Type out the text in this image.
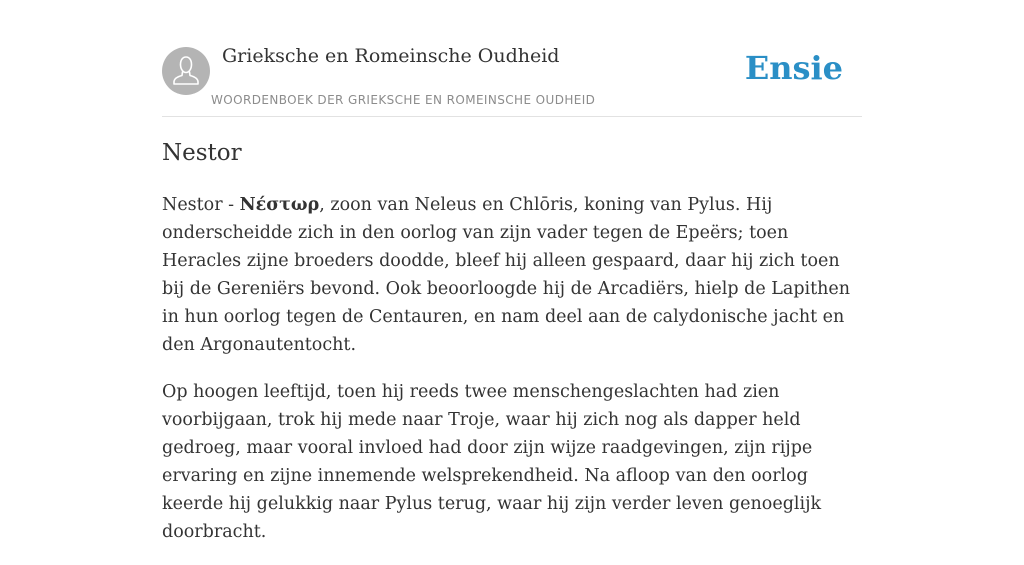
Grieksche en Romeinsche Oudheid
WOORDENBOEK DER GRIEKSCHE EN ROMEINSCHE OUDHEID
Ensie
Nestor

Nestor - Νέστωρ, zoon van Neleus en Chlōris, koning van Pylus. Hij onderscheidde zich in den oorlog van zijn vader tegen de Epeërs; toen Heracles zijne broeders doodde, bleef hij alleen gespaard, daar hij zich toen bij de Gereniërs bevond. Ook beoorloogde hij de Arcadiërs, hielp de Lapithen in hun oorlog tegen de Centauren, en nam deel aan de calydonische jacht en den Argonautentocht.

Op hoogen leeftijd, toen hij reeds twee menschengeslachten had zien voorbijgaan, trok hij mede naar Troje, waar hij zich nog als dapper held gedroeg, maar vooral invloed had door zijn wijze raadgevingen, zijn rijpe ervaring en zijne innemende welsprekendheid. Na afloop van den oorlog keerde hij gelukkig naar Pylus terug, waar hij zijn verder leven genoeglijk doorbracht.
